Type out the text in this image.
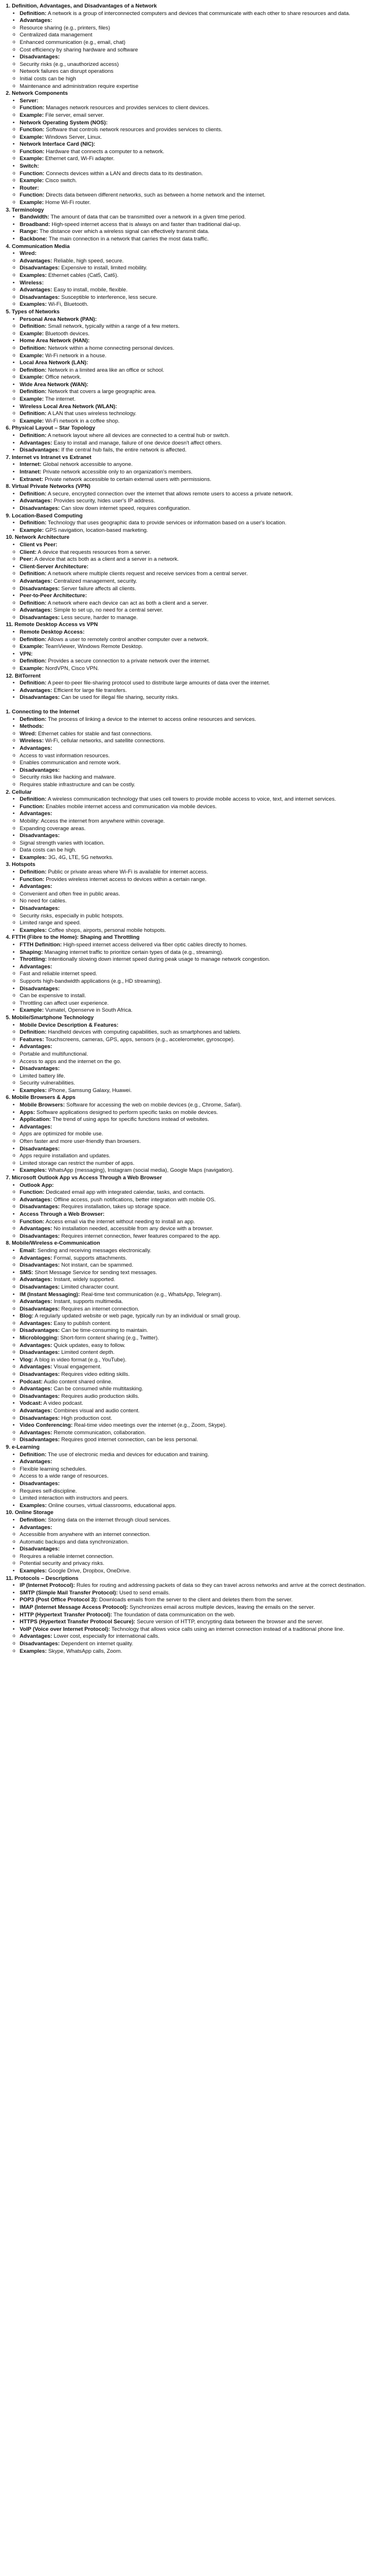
1. Definition, Advantages, and Disadvantages of a Network
• Definition: A network is a group of interconnected computers and devices that communicate with each other to share resources and data.
• Advantages:
o Resource sharing (e.g., printers, files)
o Centralized data management
o Enhanced communication (e.g., email, chat)
o Cost efficiency by sharing hardware and software
• Disadvantages:
o Security risks (e.g., unauthorized access)
o Network failures can disrupt operations
o Initial costs can be high
o Maintenance and administration require expertise
2. Network Components
• Server:
o Function: Manages network resources and provides services to client devices.
o Example: File server, email server.
• Network Operating System (NOS):
o Function: Software that controls network resources and provides services to clients.
o Example: Windows Server, Linux.
• Network Interface Card (NIC):
o Function: Hardware that connects a computer to a network.
o Example: Ethernet card, Wi-Fi adapter.
• Switch:
o Function: Connects devices within a LAN and directs data to its destination.
o Example: Cisco switch.
• Router:
o Function: Directs data between different networks, such as between a home network and the internet.
o Example: Home Wi-Fi router.
3. Terminology
• Bandwidth: The amount of data that can be transmitted over a network in a given time period.
• Broadband: High-speed internet access that is always on and faster than traditional dial-up.
• Range: The distance over which a wireless signal can effectively transmit data.
• Backbone: The main connection in a network that carries the most data traffic.
4. Communication Media
• Wired:
o Advantages: Reliable, high speed, secure.
o Disadvantages: Expensive to install, limited mobility.
o Examples: Ethernet cables (Cat5, Cat6).
• Wireless:
o Advantages: Easy to install, mobile, flexible.
o Disadvantages: Susceptible to interference, less secure.
o Examples: Wi-Fi, Bluetooth.
5. Types of Networks
• Personal Area Network (PAN):
o Definition: Small network, typically within a range of a few meters.
o Example: Bluetooth devices.
• Home Area Network (HAN):
o Definition: Network within a home connecting personal devices.
o Example: Wi-Fi network in a house.
• Local Area Network (LAN):
o Definition: Network in a limited area like an office or school.
o Example: Office network.
• Wide Area Network (WAN):
o Definition: Network that covers a large geographic area.
o Example: The internet.
• Wireless Local Area Network (WLAN):
o Definition: A LAN that uses wireless technology.
o Example: Wi-Fi network in a coffee shop.
6. Physical Layout – Star Topology
• Definition: A network layout where all devices are connected to a central hub or switch.
• Advantages: Easy to install and manage, failure of one device doesn't affect others.
• Disadvantages: If the central hub fails, the entire network is affected.
7. Internet vs Intranet vs Extranet
• Internet: Global network accessible to anyone.
• Intranet: Private network accessible only to an organization's members.
• Extranet: Private network accessible to certain external users with permissions.
8. Virtual Private Networks (VPN)
• Definition: A secure, encrypted connection over the internet that allows remote users to access a private network.
• Advantages: Provides security, hides user's IP address.
• Disadvantages: Can slow down internet speed, requires configuration.
9. Location-Based Computing
• Definition: Technology that uses geographic data to provide services or information based on a user's location.
• Example: GPS navigation, location-based marketing.
10. Network Architecture
• Client vs Peer:
o Client: A device that requests resources from a server.
o Peer: A device that acts both as a client and a server in a network.
• Client-Server Architecture:
o Definition: A network where multiple clients request and receive services from a central server.
o Advantages: Centralized management, security.
o Disadvantages: Server failure affects all clients.
• Peer-to-Peer Architecture:
o Definition: A network where each device can act as both a client and a server.
o Advantages: Simple to set up, no need for a central server.
o Disadvantages: Less secure, harder to manage.
11. Remote Desktop Access vs VPN
• Remote Desktop Access:
o Definition: Allows a user to remotely control another computer over a network.
o Example: TeamViewer, Windows Remote Desktop.
• VPN:
o Definition: Provides a secure connection to a private network over the internet.
o Example: NordVPN, Cisco VPN.
12. BitTorrent
• Definition: A peer-to-peer file-sharing protocol used to distribute large amounts of data over the internet.
• Advantages: Efficient for large file transfers.
• Disadvantages: Can be used for illegal file sharing, security risks.
1. Connecting to the Internet
• Definition: The process of linking a device to the internet to access online resources and services.
• Methods:
o Wired: Ethernet cables for stable and fast connections.
o Wireless: Wi-Fi, cellular networks, and satellite connections.
• Advantages:
o Access to vast information resources.
o Enables communication and remote work.
• Disadvantages:
o Security risks like hacking and malware.
o Requires stable infrastructure and can be costly.
2. Cellular
• Definition: A wireless communication technology that uses cell towers to provide mobile access to voice, text, and internet services.
• Function: Enables mobile internet access and communication via mobile devices.
• Advantages:
o Mobility: Access the internet from anywhere within coverage.
o Expanding coverage areas.
• Disadvantages:
o Signal strength varies with location.
o Data costs can be high.
• Examples: 3G, 4G, LTE, 5G networks.
3. Hotspots
• Definition: Public or private areas where Wi-Fi is available for internet access.
• Function: Provides wireless internet access to devices within a certain range.
• Advantages:
o Convenient and often free in public areas.
o No need for cables.
• Disadvantages:
o Security risks, especially in public hotspots.
o Limited range and speed.
• Examples: Coffee shops, airports, personal mobile hotspots.
4. FTTH (Fibre to the Home): Shaping and Throttling
• FTTH Definition: High-speed internet access delivered via fiber optic cables directly to homes.
• Shaping: Managing internet traffic to prioritize certain types of data (e.g., streaming).
• Throttling: Intentionally slowing down internet speed during peak usage to manage network congestion.
• Advantages:
o Fast and reliable internet speed.
o Supports high-bandwidth applications (e.g., HD streaming).
• Disadvantages:
o Can be expensive to install.
o Throttling can affect user experience.
• Example: Vumatel, Openserve in South Africa.
5. Mobile/Smartphone Technology
• Mobile Device Description & Features:
o Definition: Handheld devices with computing capabilities, such as smartphones and tablets.
o Features: Touchscreens, cameras, GPS, apps, sensors (e.g., accelerometer, gyroscope).
• Advantages:
o Portable and multifunctional.
o Access to apps and the internet on the go.
• Disadvantages:
o Limited battery life.
o Security vulnerabilities.
• Examples: iPhone, Samsung Galaxy, Huawei.
6. Mobile Browsers & Apps
• Mobile Browsers: Software for accessing the web on mobile devices (e.g., Chrome, Safari).
• Apps: Software applications designed to perform specific tasks on mobile devices.
• Application: The trend of using apps for specific functions instead of websites.
• Advantages:
o Apps are optimized for mobile use.
o Often faster and more user-friendly than browsers.
• Disadvantages:
o Apps require installation and updates.
o Limited storage can restrict the number of apps.
• Examples: WhatsApp (messaging), Instagram (social media), Google Maps (navigation).
7. Microsoft Outlook App vs Access Through a Web Browser
• Outlook App:
o Function: Dedicated email app with integrated calendar, tasks, and contacts.
o Advantages: Offline access, push notifications, better integration with mobile OS.
o Disadvantages: Requires installation, takes up storage space.
• Access Through a Web Browser:
o Function: Access email via the internet without needing to install an app.
o Advantages: No installation needed, accessible from any device with a browser.
o Disadvantages: Requires internet connection, fewer features compared to the app.
8. Mobile/Wireless e-Communication
• Email: Sending and receiving messages electronically.
o Advantages: Formal, supports attachments.
o Disadvantages: Not instant, can be spammed.
• SMS: Short Message Service for sending text messages.
o Advantages: Instant, widely supported.
o Disadvantages: Limited character count.
• IM (Instant Messaging): Real-time text communication (e.g., WhatsApp, Telegram).
o Advantages: Instant, supports multimedia.
o Disadvantages: Requires an internet connection.
• Blog: A regularly updated website or web page, typically run by an individual or small group.
o Advantages: Easy to publish content.
o Disadvantages: Can be time-consuming to maintain.
• Microblogging: Short-form content sharing (e.g., Twitter).
o Advantages: Quick updates, easy to follow.
o Disadvantages: Limited content depth.
• Vlog: A blog in video format (e.g., YouTube).
o Advantages: Visual engagement.
o Disadvantages: Requires video editing skills.
• Podcast: Audio content shared online.
o Advantages: Can be consumed while multitasking.
o Disadvantages: Requires audio production skills.
• Vodcast: A video podcast.
o Advantages: Combines visual and audio content.
o Disadvantages: High production cost.
• Video Conferencing: Real-time video meetings over the internet (e.g., Zoom, Skype).
o Advantages: Remote communication, collaboration.
o Disadvantages: Requires good internet connection, can be less personal.
9. e-Learning
• Definition: The use of electronic media and devices for education and training.
• Advantages:
o Flexible learning schedules.
o Access to a wide range of resources.
• Disadvantages:
o Requires self-discipline.
o Limited interaction with instructors and peers.
• Examples: Online courses, virtual classrooms, educational apps.
10. Online Storage
• Definition: Storing data on the internet through cloud services.
• Advantages:
o Accessible from anywhere with an internet connection.
o Automatic backups and data synchronization.
• Disadvantages:
o Requires a reliable internet connection.
o Potential security and privacy risks.
• Examples: Google Drive, Dropbox, OneDrive.
11. Protocols – Descriptions
• IP (Internet Protocol): Rules for routing and addressing packets of data so they can travel across networks and arrive at the correct destination.
• SMTP (Simple Mail Transfer Protocol): Used to send emails.
• POP3 (Post Office Protocol 3): Downloads emails from the server to the client and deletes them from the server.
• IMAP (Internet Message Access Protocol): Synchronizes email across multiple devices, leaving the emails on the server.
• HTTP (Hypertext Transfer Protocol): The foundation of data communication on the web.
• HTTPS (Hypertext Transfer Protocol Secure): Secure version of HTTP, encrypting data between the browser and the server.
• VoIP (Voice over Internet Protocol): Technology that allows voice calls using an internet connection instead of a traditional phone line.
o Advantages: Lower cost, especially for international calls.
o Disadvantages: Dependent on internet quality.
o Examples: Skype, WhatsApp calls, Zoom.
